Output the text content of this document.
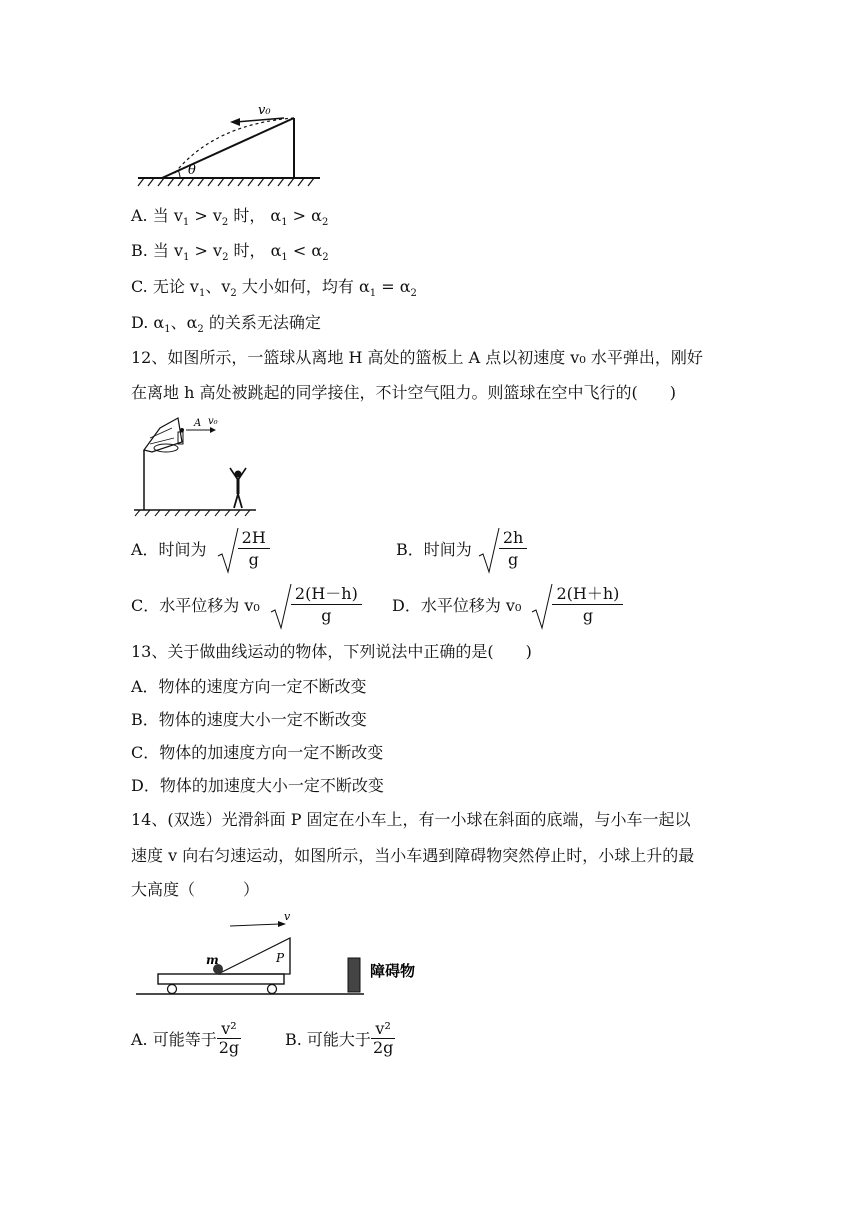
v₀
θ
A. 当 $v_1 > v_2$ 时， $\alpha_1 > \alpha_2$
B. 当 $v_1 > v_2$ 时， $\alpha_1 < \alpha_2$
C. 无论 $v_1$、$v_2$ 大小如何，均有 $\alpha_1 = \alpha_2$
D. $\alpha_1$、$\alpha_2$ 的关系无法确定
12、如图所示，一篮球从离地 H 高处的篮板上 A 点以初速度 v₀ 水平弹出，刚好
在离地 h 高处被跳起的同学接住，不计空气阻力。则篮球在空中飞行的(　　)
A v₀
A．时间为 $\frac{2H}{g}$	B．时间为 $\frac{2h}{g}$
C．水平位移为 $v_0 \frac{2(H-h)}{g}$ D．水平位移为 $v_0 \frac{2(H+h)}{g}$
13、关于做曲线运动的物体，下列说法中正确的是(　　)
A．物体的速度方向一定不断改变
B．物体的速度大小一定不断改变
C．物体的加速度方向一定不断改变
D．物体的加速度大小一定不断改变
14、(双选）光滑斜面 P 固定在小车上，有一小球在斜面的底端，与小车一起以
速度 v 向右匀速运动，如图所示，当小车遇到障碍物突然停止时，小球上升的最
大高度（　　　）
v
m	P
障碍物
A. 可能等于 $\frac{\text{v²}}{2g}$	B. 可能大于 $\frac{\text{v²}}{2g}$
